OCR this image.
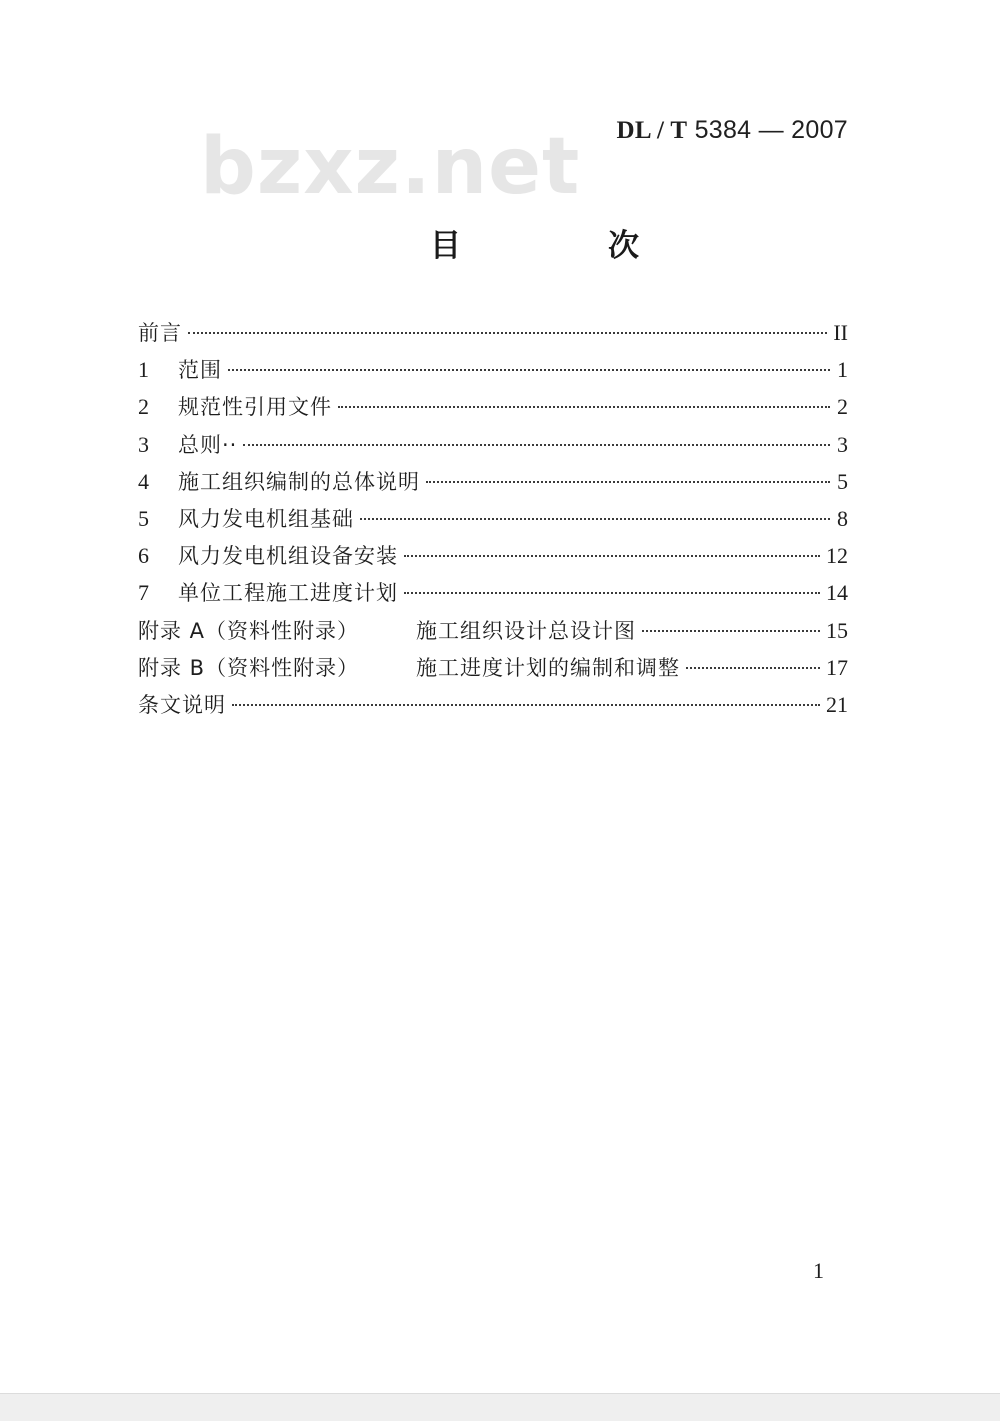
DL / T 5384 — 2007
bzxz.net
目　次
前言	II
1	范围	1
2	规范性引用文件	2
3	总则··	3
4	施工组织编制的总体说明	5
5	风力发电机组基础	8
6	风力发电机组设备安装	12
7	单位工程施工进度计划	14
附录 A（资料性附录）	施工组织设计总设计图	15
附录 B（资料性附录）	施工进度计划的编制和调整	17
条文说明	21
1
